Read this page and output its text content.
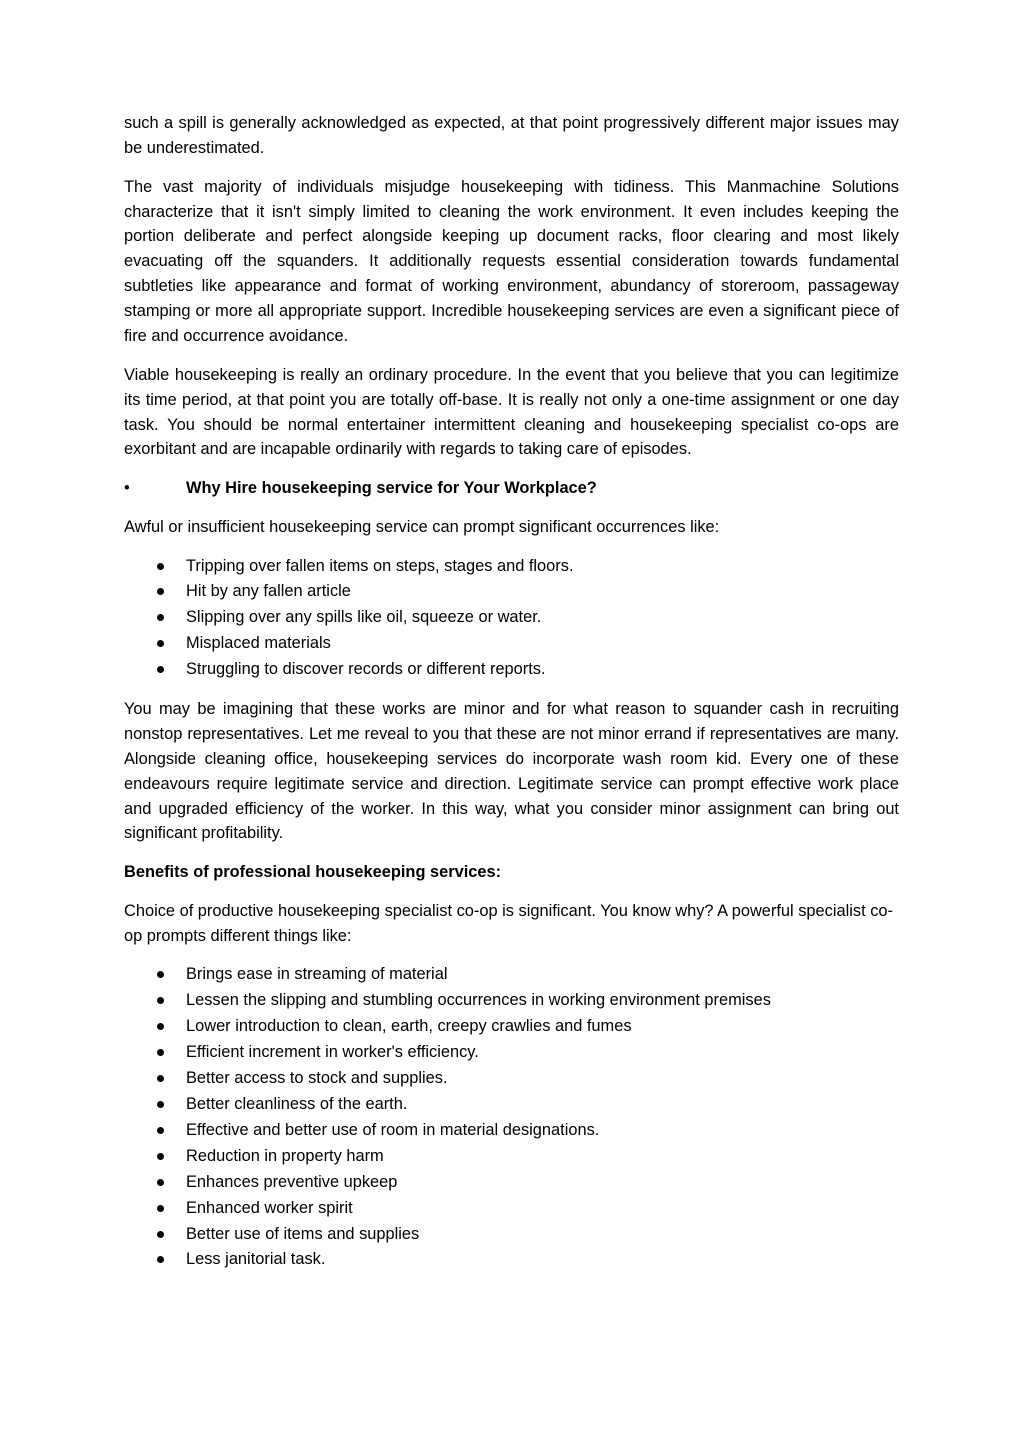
such a spill is generally acknowledged as expected, at that point progressively different major issues may be underestimated.

The vast majority of individuals misjudge housekeeping with tidiness. This Manmachine Solutions characterize that it isn't simply limited to cleaning the work environment. It even includes keeping the portion deliberate and perfect alongside keeping up document racks, floor clearing and most likely evacuating off the squanders. It additionally requests essential consideration towards fundamental subtleties like appearance and format of working environment, abundancy of storeroom, passageway stamping or more all appropriate support. Incredible housekeeping services are even a significant piece of fire and occurrence avoidance.

Viable housekeeping is really an ordinary procedure. In the event that you believe that you can legitimize its time period, at that point you are totally off-base. It is really not only a one-time assignment or one day task. You should be normal entertainer intermittent cleaning and housekeeping specialist co-ops are exorbitant and are incapable ordinarily with regards to taking care of episodes.

•	Why Hire housekeeping service for Your Workplace?

Awful or insufficient housekeeping service can prompt significant occurrences like:

Tripping over fallen items on steps, stages and floors.
Hit by any fallen article
Slipping over any spills like oil, squeeze or water.
Misplaced materials
Struggling to discover records or different reports.

You may be imagining that these works are minor and for what reason to squander cash in recruiting nonstop representatives. Let me reveal to you that these are not minor errand if representatives are many. Alongside cleaning office, housekeeping services do incorporate wash room kid. Every one of these endeavours require legitimate service and direction. Legitimate service can prompt effective work place and upgraded efficiency of the worker. In this way, what you consider minor assignment can bring out significant profitability.

Benefits of professional housekeeping services:

Choice of productive housekeeping specialist co-op is significant. You know why? A powerful specialist co-op prompts different things like:

Brings ease in streaming of material
Lessen the slipping and stumbling occurrences in working environment premises
Lower introduction to clean, earth, creepy crawlies and fumes
Efficient increment in worker's efficiency.
Better access to stock and supplies.
Better cleanliness of the earth.
Effective and better use of room in material designations.
Reduction in property harm
Enhances preventive upkeep
Enhanced worker spirit
Better use of items and supplies
Less janitorial task.
